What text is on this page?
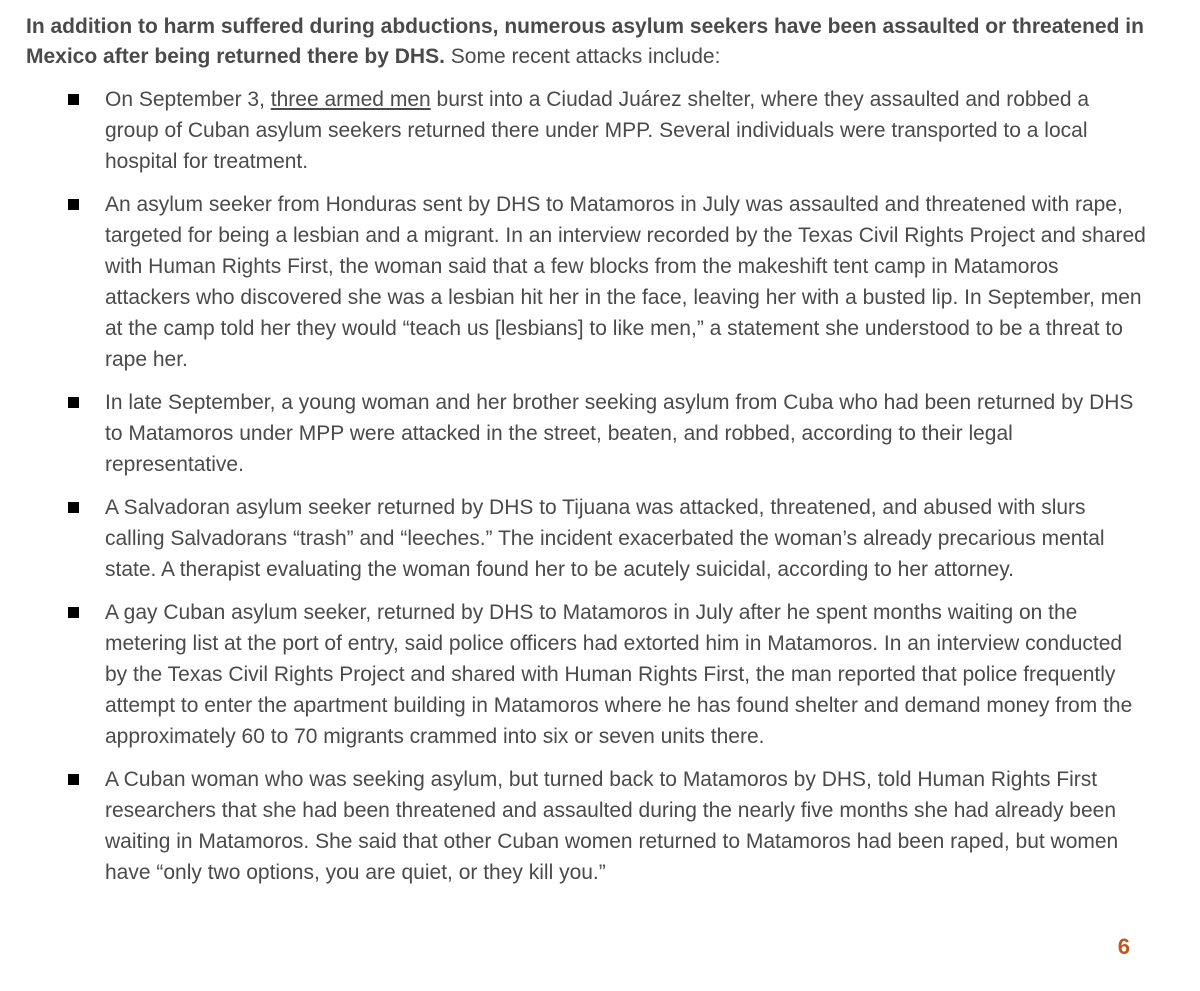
In addition to harm suffered during abductions, numerous asylum seekers have been assaulted or threatened in Mexico after being returned there by DHS. Some recent attacks include:

On September 3, three armed men burst into a Ciudad Juárez shelter, where they assaulted and robbed a group of Cuban asylum seekers returned there under MPP. Several individuals were transported to a local hospital for treatment.
An asylum seeker from Honduras sent by DHS to Matamoros in July was assaulted and threatened with rape, targeted for being a lesbian and a migrant. In an interview recorded by the Texas Civil Rights Project and shared with Human Rights First, the woman said that a few blocks from the makeshift tent camp in Matamoros attackers who discovered she was a lesbian hit her in the face, leaving her with a busted lip. In September, men at the camp told her they would “teach us [lesbians] to like men,” a statement she understood to be a threat to rape her.
In late September, a young woman and her brother seeking asylum from Cuba who had been returned by DHS to Matamoros under MPP were attacked in the street, beaten, and robbed, according to their legal representative.
A Salvadoran asylum seeker returned by DHS to Tijuana was attacked, threatened, and abused with slurs calling Salvadorans “trash” and “leeches.” The incident exacerbated the woman’s already precarious mental state. A therapist evaluating the woman found her to be acutely suicidal, according to her attorney.
A gay Cuban asylum seeker, returned by DHS to Matamoros in July after he spent months waiting on the metering list at the port of entry, said police officers had extorted him in Matamoros. In an interview conducted by the Texas Civil Rights Project and shared with Human Rights First, the man reported that police frequently attempt to enter the apartment building in Matamoros where he has found shelter and demand money from the approximately 60 to 70 migrants crammed into six or seven units there.
A Cuban woman who was seeking asylum, but turned back to Matamoros by DHS, told Human Rights First researchers that she had been threatened and assaulted during the nearly five months she had already been waiting in Matamoros. She said that other Cuban women returned to Matamoros had been raped, but women have “only two options, you are quiet, or they kill you.”
6
